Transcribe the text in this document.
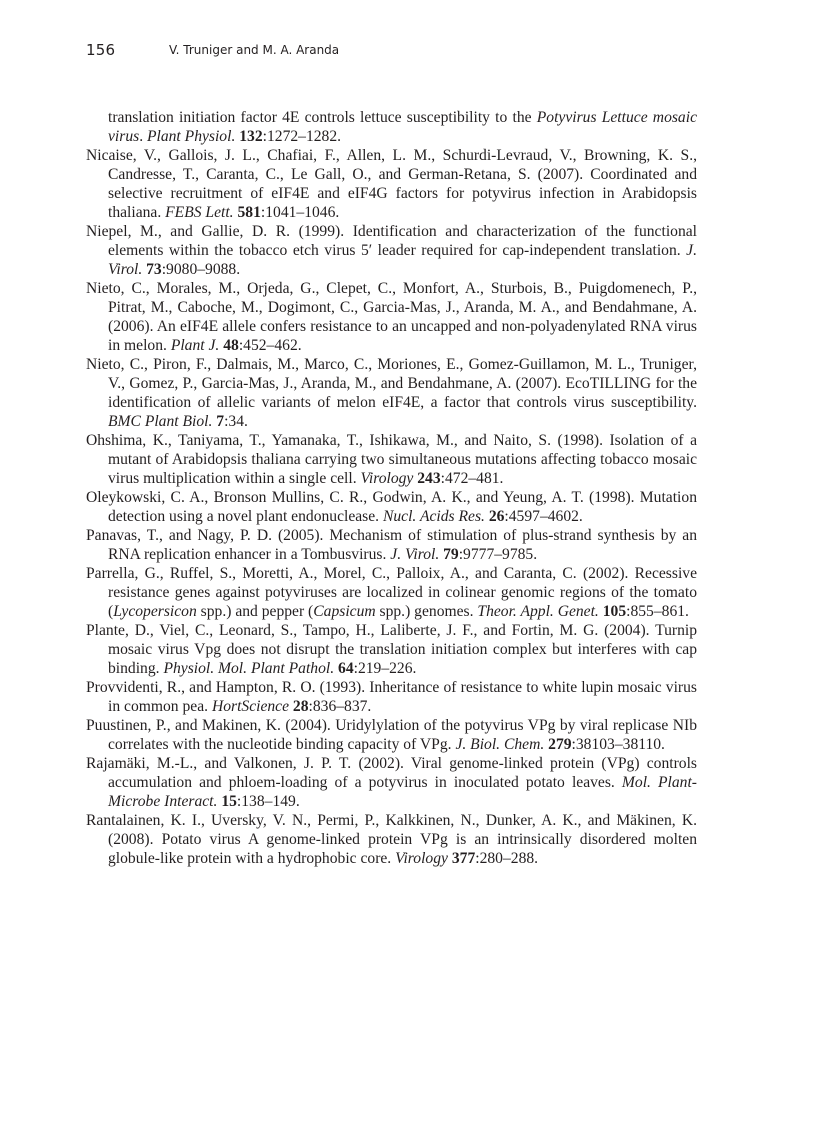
156	V. Truniger and M. A. Aranda
translation initiation factor 4E controls lettuce susceptibility to the Potyvirus Lettuce mosaic virus. Plant Physiol. 132:1272–1282.
Nicaise, V., Gallois, J. L., Chafiai, F., Allen, L. M., Schurdi-Levraud, V., Browning, K. S., Candresse, T., Caranta, C., Le Gall, O., and German-Retana, S. (2007). Coordinated and selective recruitment of eIF4E and eIF4G factors for potyvirus infection in Arabidopsis thaliana. FEBS Lett. 581:1041–1046.
Niepel, M., and Gallie, D. R. (1999). Identification and characterization of the functional elements within the tobacco etch virus 5′ leader required for cap-independent translation. J. Virol. 73:9080–9088.
Nieto, C., Morales, M., Orjeda, G., Clepet, C., Monfort, A., Sturbois, B., Puigdomenech, P., Pitrat, M., Caboche, M., Dogimont, C., Garcia-Mas, J., Aranda, M. A., and Bendahmane, A. (2006). An eIF4E allele confers resistance to an uncapped and non-polyadenylated RNA virus in melon. Plant J. 48:452–462.
Nieto, C., Piron, F., Dalmais, M., Marco, C., Moriones, E., Gomez-Guillamon, M. L., Truniger, V., Gomez, P., Garcia-Mas, J., Aranda, M., and Bendahmane, A. (2007). EcoTILLING for the identification of allelic variants of melon eIF4E, a factor that controls virus susceptibility. BMC Plant Biol. 7:34.
Ohshima, K., Taniyama, T., Yamanaka, T., Ishikawa, M., and Naito, S. (1998). Isolation of a mutant of Arabidopsis thaliana carrying two simultaneous mutations affecting tobacco mosaic virus multiplication within a single cell. Virology 243:472–481.
Oleykowski, C. A., Bronson Mullins, C. R., Godwin, A. K., and Yeung, A. T. (1998). Mutation detection using a novel plant endonuclease. Nucl. Acids Res. 26:4597–4602.
Panavas, T., and Nagy, P. D. (2005). Mechanism of stimulation of plus-strand synthesis by an RNA replication enhancer in a Tombusvirus. J. Virol. 79:9777–9785.
Parrella, G., Ruffel, S., Moretti, A., Morel, C., Palloix, A., and Caranta, C. (2002). Recessive resistance genes against potyviruses are localized in colinear genomic regions of the tomato (Lycopersicon spp.) and pepper (Capsicum spp.) genomes. Theor. Appl. Genet. 105:855–861.
Plante, D., Viel, C., Leonard, S., Tampo, H., Laliberte, J. F., and Fortin, M. G. (2004). Turnip mosaic virus Vpg does not disrupt the translation initiation complex but interferes with cap binding. Physiol. Mol. Plant Pathol. 64:219–226.
Provvidenti, R., and Hampton, R. O. (1993). Inheritance of resistance to white lupin mosaic virus in common pea. HortScience 28:836–837.
Puustinen, P., and Makinen, K. (2004). Uridylylation of the potyvirus VPg by viral replicase NIb correlates with the nucleotide binding capacity of VPg. J. Biol. Chem. 279:38103–38110.
Rajamäki, M.-L., and Valkonen, J. P. T. (2002). Viral genome-linked protein (VPg) controls accumulation and phloem-loading of a potyvirus in inoculated potato leaves. Mol. Plant-Microbe Interact. 15:138–149.
Rantalainen, K. I., Uversky, V. N., Permi, P., Kalkkinen, N., Dunker, A. K., and Mäkinen, K. (2008). Potato virus A genome-linked protein VPg is an intrinsically disordered molten globule-like protein with a hydrophobic core. Virology 377:280–288.
